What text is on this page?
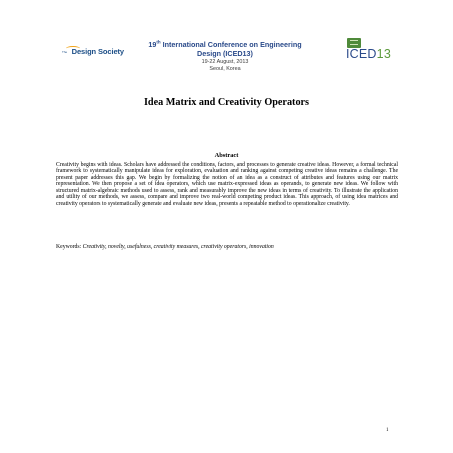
The Design Society
19th International Conference on Engineering
Design (ICED13)
19-22 August, 2013
Seoul, Korea
ICED13
Idea Matrix and Creativity Operators
Abstract

Creativity begins with ideas. Scholars have addressed the conditions, factors, and processes to generate creative ideas. However, a formal technical framework to systematically manipulate ideas for exploration, evaluation and ranking against competing creative ideas remains a challenge. The present paper addresses this gap. We begin by formalizing the notion of an idea as a construct of attributes and features using our matrix representation. We then propose a set of idea operators, which use matrix-expressed ideas as operands, to generate new ideas. We follow with structured matrix-algebraic methods used to assess, rank and measurably improve the new ideas in terms of creativity. To illustrate the application and utility of our methods, we assess, compare and improve two real-world competing product ideas. This approach, of using idea matrices and creativity operators to systematically generate and evaluate new ideas, presents a repeatable method to operationalize creativity.

Keywords: Creativity, novelty, usefulness, creativity measures, creativity operators, innovation

1
